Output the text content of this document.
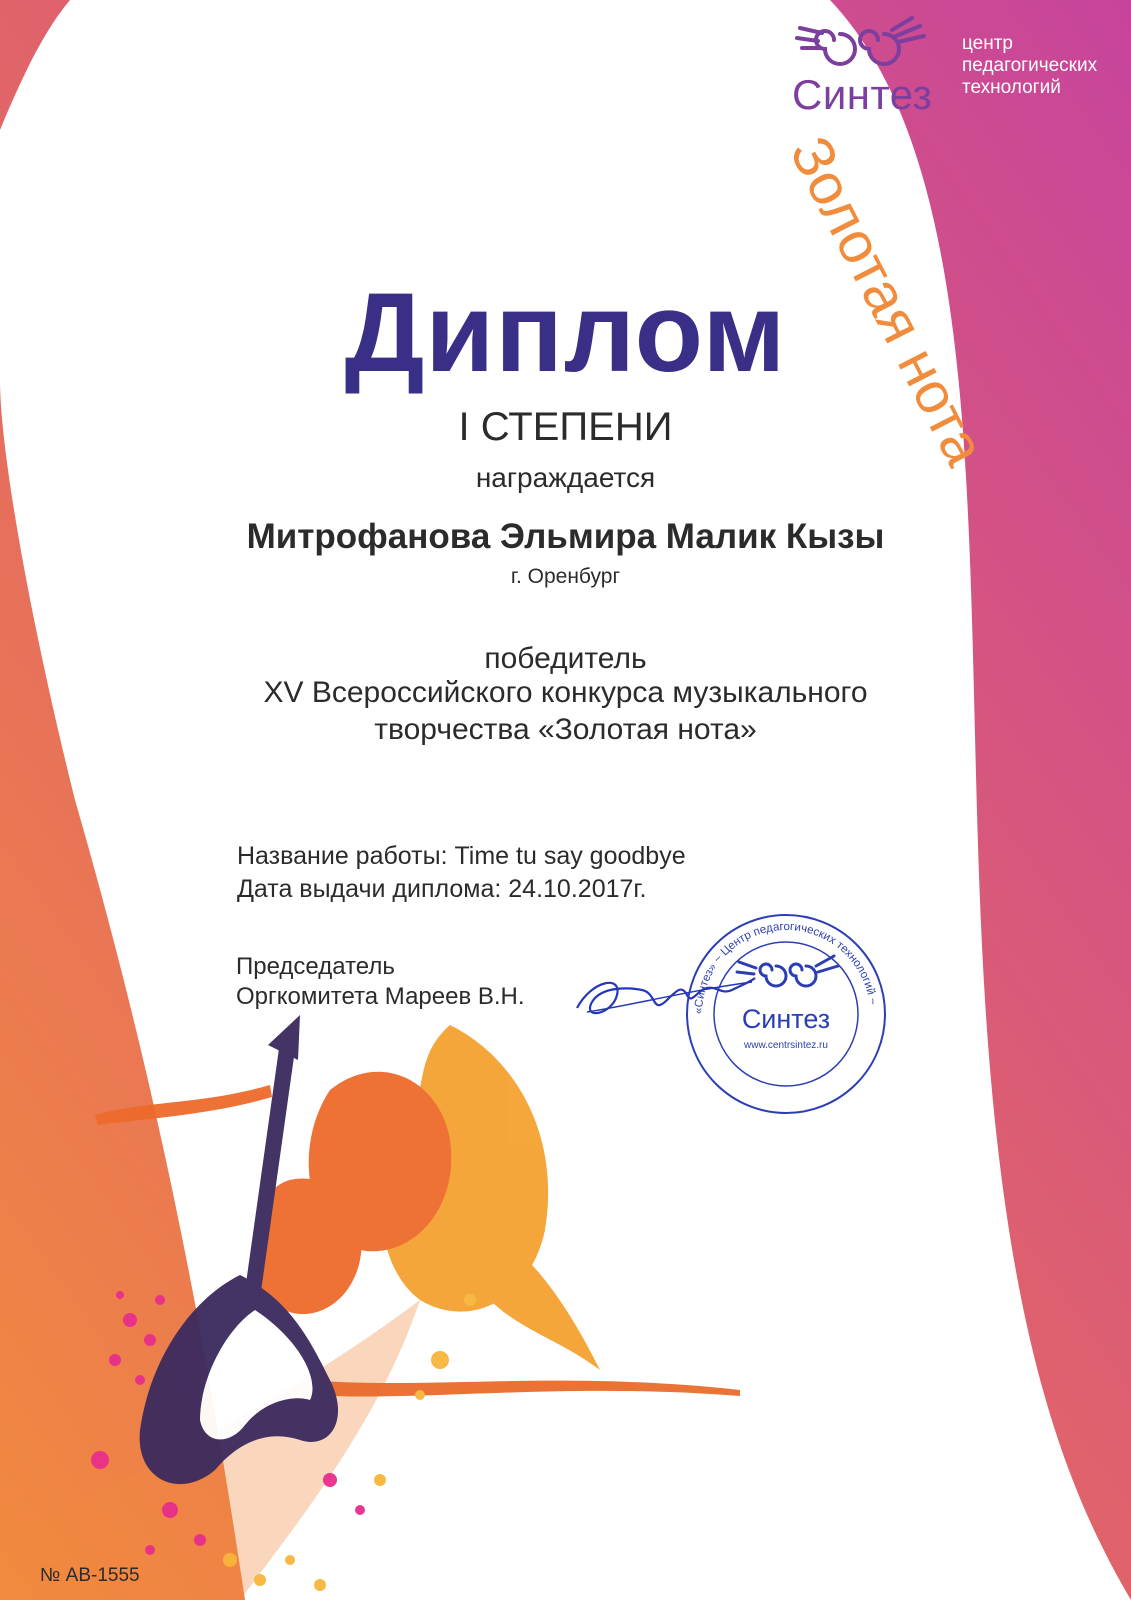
Синтез
центр
педагогических
технологий
Золотая нота
Диплом
I СТЕПЕНИ
награждается
Митрофанова Эльмира Малик Кызы
г. Оренбург
победитель
XV Всероссийского конкурса музыкального
творчества «Золотая нота»
Название работы: Time tu say goodbye
Дата выдачи диплома: 24.10.2017г.
Председатель
Оргкомитета Мареев В.Н.
«Синтез» ~ Центр педагогических технологий ~
Синтез
www.centrsintez.ru
№ АВ-1555
